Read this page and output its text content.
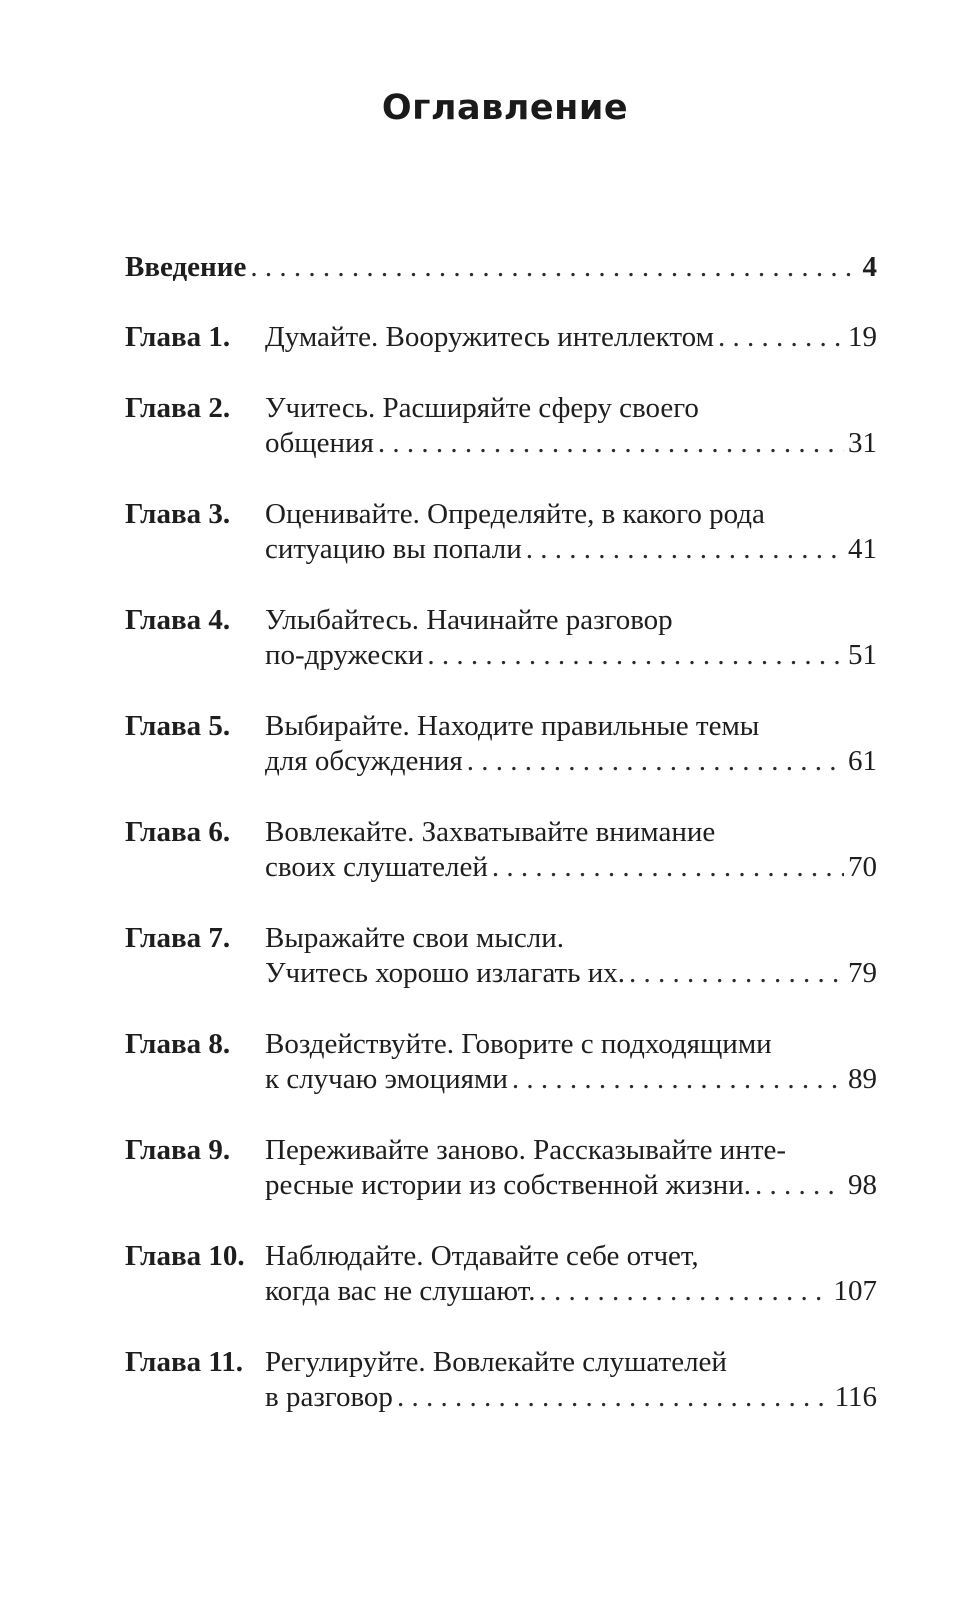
Оглавление
Введение . . .	4
Глава 1. Думайте. Вооружитесь интеллектом . . .	19
Глава 2. Учитесь. Расширяйте сферу своего
общения . . .	31
Глава 3. Оценивайте. Определяйте, в какого рода
ситуацию вы попали . . .	41
Глава 4. Улыбайтесь. Начинайте разговор
по-дружески . . .	51
Глава 5. Выбирайте. Находите правильные темы
для обсуждения . . .	61
Глава 6. Вовлекайте. Захватывайте внимание
своих слушателей . . .	70
Глава 7. Выражайте свои мысли.
Учитесь хорошо излагать их. . . .	79
Глава 8. Воздействуйте. Говорите с подходящими
к случаю эмоциями . . .	89
Глава 9. Переживайте заново. Рассказывайте инте-
ресные истории из собственной жизни. . . .	98
Глава 10. Наблюдайте. Отдавайте себе отчет,
когда вас не слушают. . . .	107
Глава 11. Регулируйте. Вовлекайте слушателей
в разговор . . .	116
